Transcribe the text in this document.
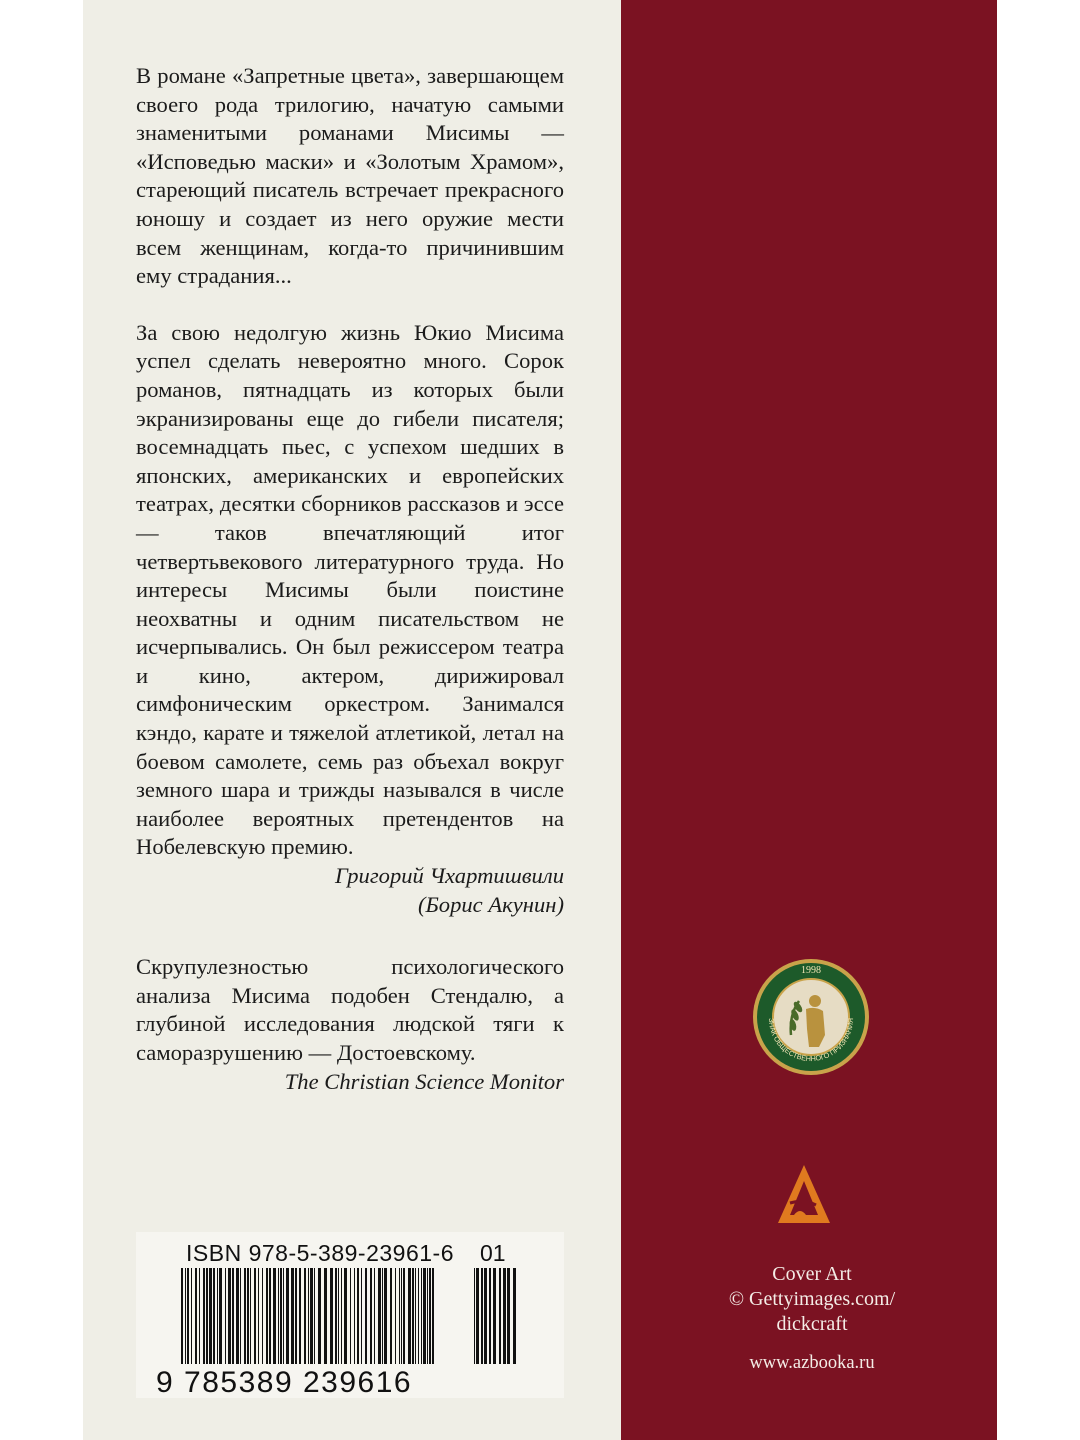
В романе «Запретные цвета», завершающем своего рода трилогию, начатую самыми знаменитыми романами Мисимы — «Исповедью маски» и «Золотым Храмом», стареющий писатель встречает прекрасного юношу и создает из него оружие мести всем женщинам, когда-то причинившим ему страдания...

За свою недолгую жизнь Юкио Мисима успел сделать невероятно много. Сорок романов, пятнадцать из которых были экранизированы еще до гибели писателя; восемнадцать пьес, с успехом шедших в японских, американских и европейских театрах, десятки сборников рассказов и эссе — таков впечатляющий итог четвертьвекового литературного труда. Но интересы Мисимы были поистине неохватны и одним писательством не исчерпывались. Он был режиссером театра и кино, актером, дирижировал симфоническим оркестром. Занимался кэндо, карате и тяжелой атлетикой, летал на боевом самолете, семь раз объехал вокруг земного шара и трижды назывался в числе наиболее вероятных претендентов на Нобелевскую премию.

Григорий Чхартишвили

(Борис Акунин)

Скрупулезностью психологического анализа Мисима подобен Стендалю, а глубиной исследования людской тяги к саморазрушению — Достоевскому.

The Christian Science Monitor

ISBN 978-5-389-23961-6 01
9 785389 239616
1998
ЗНАК ОБЩЕСТВЕННОГО ПРИЗНАНИЯ
Cover Art
© Gettyimages.com/
dickcraft
www.azbooka.ru
